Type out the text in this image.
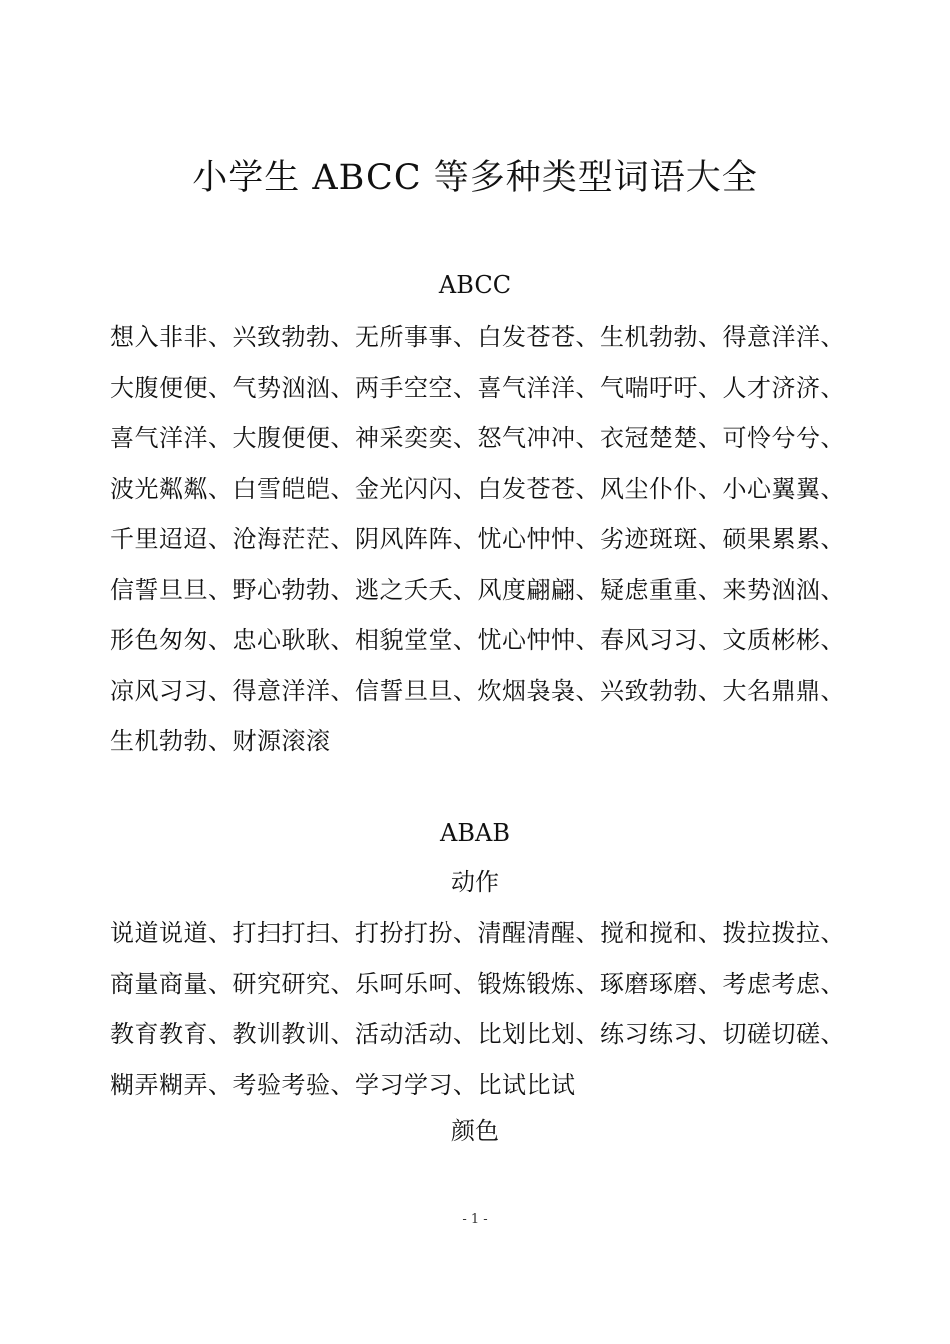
小学生 ABCC 等多种类型词语大全
ABCC

想入非非、兴致勃勃、无所事事、白发苍苍、生机勃勃、得意洋洋、大腹便便、气势汹汹、两手空空、喜气洋洋、气喘吁吁、人才济济、喜气洋洋、大腹便便、神采奕奕、怒气冲冲、衣冠楚楚、可怜兮兮、波光粼粼、白雪皑皑、金光闪闪、白发苍苍、风尘仆仆、小心翼翼、千里迢迢、沧海茫茫、阴风阵阵、忧心忡忡、劣迹斑斑、硕果累累、信誓旦旦、野心勃勃、逃之夭夭、风度翩翩、疑虑重重、来势汹汹、形色匆匆、忠心耿耿、相貌堂堂、忧心忡忡、春风习习、文质彬彬、凉风习习、得意洋洋、信誓旦旦、炊烟袅袅、兴致勃勃、大名鼎鼎、生机勃勃、财源滚滚

ABAB
动作

说道说道、打扫打扫、打扮打扮、清醒清醒、搅和搅和、拨拉拨拉、商量商量、研究研究、乐呵乐呵、锻炼锻炼、琢磨琢磨、考虑考虑、教育教育、教训教训、活动活动、比划比划、练习练习、切磋切磋、糊弄糊弄、考验考验、学习学习、比试比试

颜色
- 1 -
